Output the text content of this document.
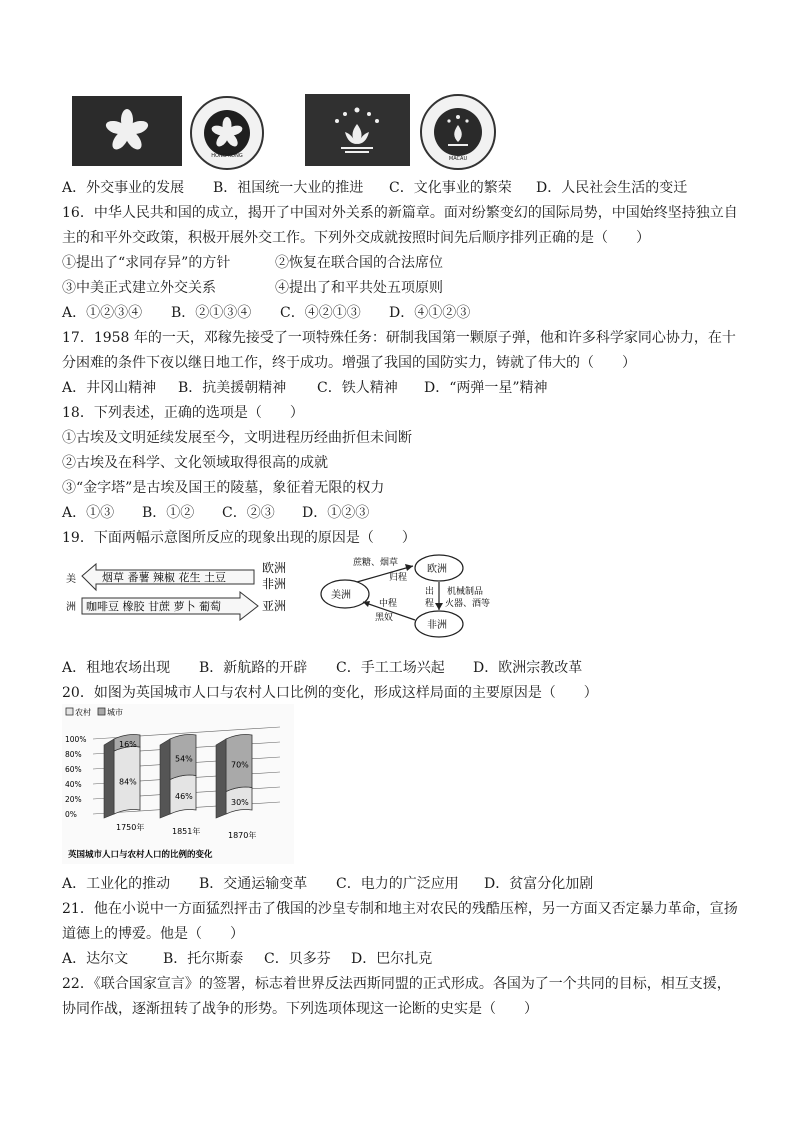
HONG KONG	MACAU
A．外交事业的发展 B．祖国统一大业的推进 C．文化事业的繁荣 D．人民社会生活的变迁
16．中华人民共和国的成立，揭开了中国对外关系的新篇章。面对纷繁变幻的国际局势，中国始终坚持独立自
主的和平外交政策，积极开展外交工作。下列外交成就按照时间先后顺序排列正确的是（　　）
①提出了“求同存异”的方针	②恢复在联合国的合法席位
③中美正式建立外交关系	④提出了和平共处五项原则
A．①②③④ B．②①③④ C．④②①③ D．④①②③
17．1958 年的一天，邓稼先接受了一项特殊任务：研制我国第一颗原子弹，他和许多科学家同心协力，在十
分困难的条件下夜以继日地工作，终于成功。增强了我国的国防实力，铸就了伟大的（　　）
A．井冈山精神 B．抗美援朝精神 C．铁人精神 D．“两弹一星”精神
18．下列表述，正确的选项是（　　）
①古埃及文明延续发展至今，文明进程历经曲折但未间断
②古埃及在科学、文化领域取得很高的成就
③“金字塔”是古埃及国王的陵墓，象征着无限的权力
A．①③ B．①② C．②③ D．①②③
19．下面两幅示意图所反应的现象出现的原因是（　　）
美
洲
烟草 番薯 辣椒 花生 土豆
咖啡豆 橡胶 甘蔗 萝卜 葡萄
欧洲
非洲
亚洲
美洲
欧洲
非洲
蔗糖、烟草
归程
出
程
机械制品
火器、酒等
中程
黑奴
A．租地农场出现 B．新航路的开辟 C．手工工场兴起 D．欧洲宗教改革
20．如图为英国城市人口与农村人口比例的变化，形成这样局面的主要原因是（　　）
农村 城市
100%
80%
60%
40%
20%
0%
16%
84%
1750年
54%
46%
1851年
70%
30%
1870年
英国城市人口与农村人口的比例的变化
A．工业化的推动 B．交通运输变革 C．电力的广泛应用 D．贫富分化加剧
21．他在小说中一方面猛烈抨击了俄国的沙皇专制和地主对农民的残酷压榨，另一方面又否定暴力革命，宣扬
道德上的博爱。他是（　　）
A．达尔文 B．托尔斯泰 C．贝多芬 D．巴尔扎克
22．《联合国家宣言》的签署，标志着世界反法西斯同盟的正式形成。各国为了一个共同的目标，相互支援，
协同作战，逐渐扭转了战争的形势。下列选项体现这一论断的史实是（　　）
